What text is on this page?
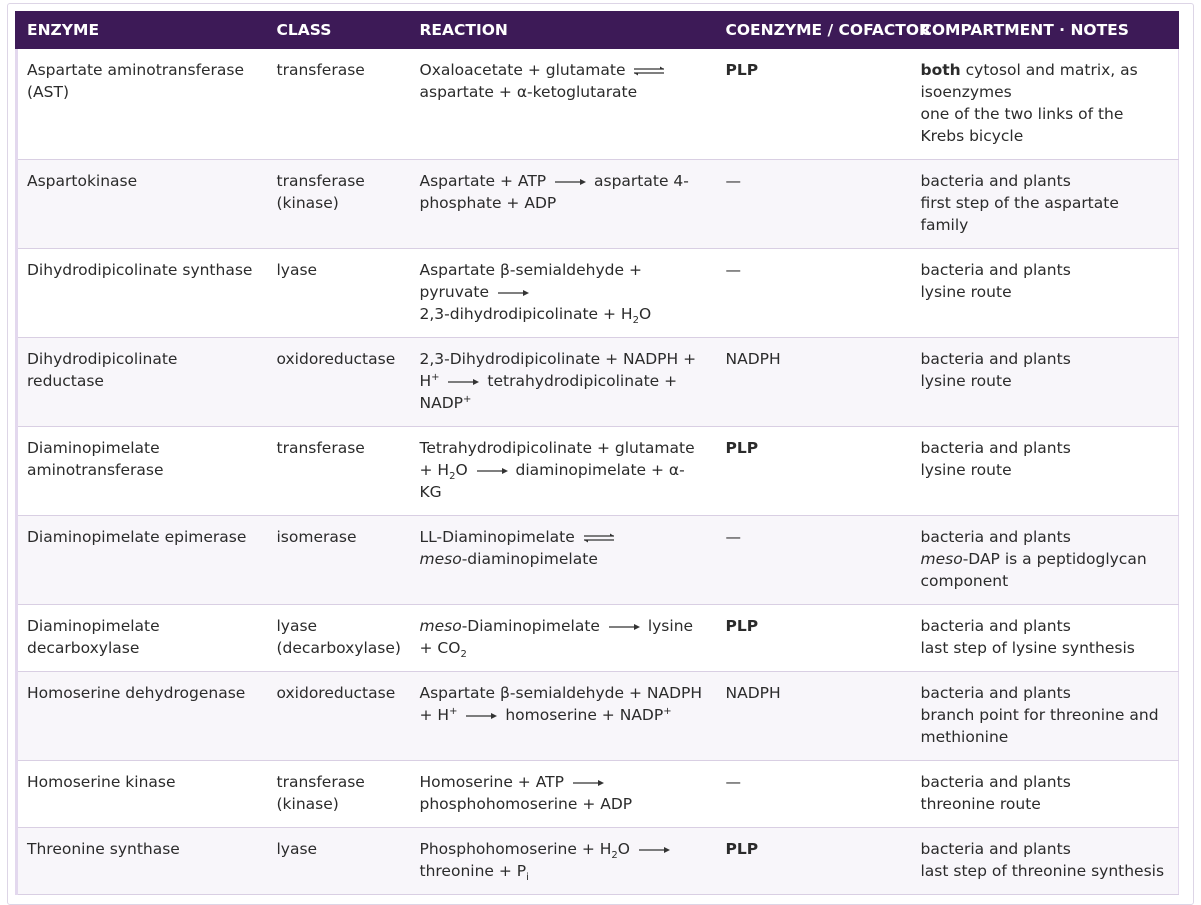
ENZYME	CLASS	REACTION	COENZYME / COFACTOR	COMPARTMENT · NOTES
Aspartate aminotransferase (AST)	transferase	Oxaloacetate + glutamate ⇌ aspartate + α-ketoglutarate	PLP	both cytosol and matrix, as isoenzymes
one of the two links of the Krebs bicycle

Aspartokinase	transferase (kinase)	Aspartate + ATP aspartate 4-phosphate + ADP	—	bacteria and plants
first step of the aspartate family

Dihydrodipicolinate synthase	lyase	Aspartate β-semialdehyde + pyruvate
2,3-dihydrodipicolinate + $H_2O$	—	bacteria and plants
lysine route

Dihydrodipicolinate reductase	oxidoreductase	2,3-Dihydrodipicolinate + NADPH + H+ tetrahydrodipicolinate + NADP+	NADPH	bacteria and plants
lysine route

Diaminopimelate aminotransferase	transferase	Tetrahydrodipicolinate + glutamate + $H_2O$ diaminopimelate + α-KG	PLP	bacteria and plants
lysine route

Diaminopimelate epimerase	isomerase	LL-Diaminopimelate ⇌
meso-diaminopimelate	—	bacteria and plants
meso-DAP is a peptidoglycan component

Diaminopimelate decarboxylase	lyase (decarboxylase)	meso-Diaminopimelate $lysine + CO_2$	PLP	bacteria and plants
last step of lysine synthesis

Homoserine dehydrogenase	oxidoreductase	Aspartate β-semialdehyde + NADPH + H+ homoserine + NADP+	NADPH	bacteria and plants
branch point for threonine and methionine

Homoserine kinase	transferase (kinase)	Homoserine + ATP
phosphohomoserine + ADP	—	bacteria and plants
threonine route

Threonine synthase	lyase	Phosphohomoserine + $H_2O$
threonine + $P_i$	PLP	bacteria and plants
last step of threonine synthesis
